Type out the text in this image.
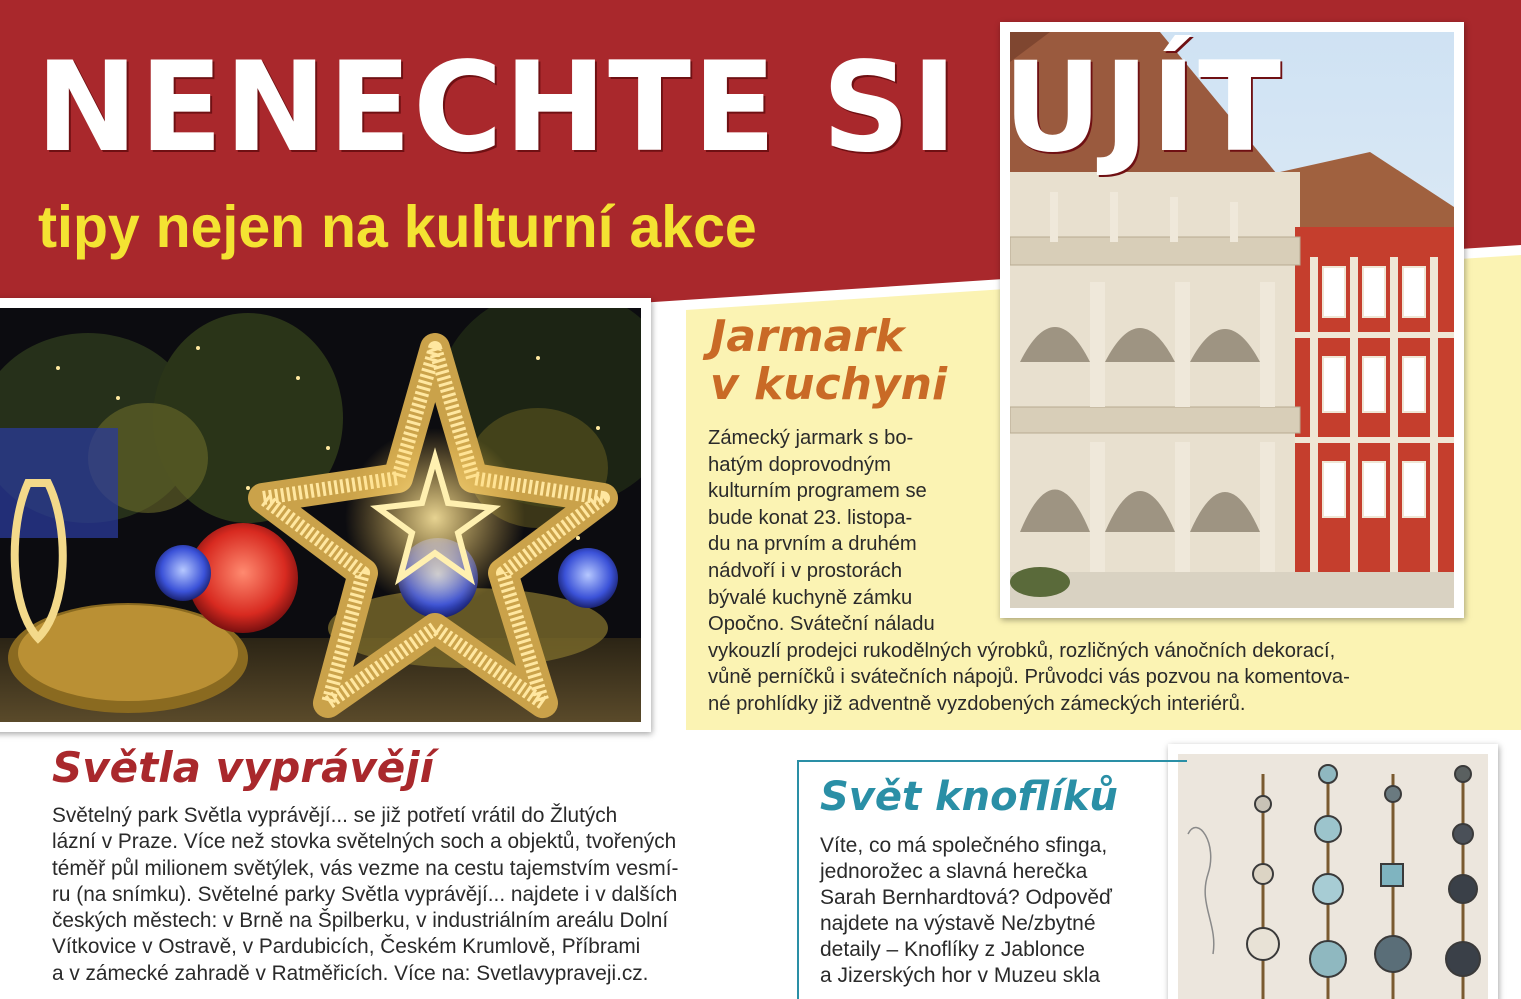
NENECHTE SI UJÍT
tipy nejen na kulturní akce
Jarmark
v kuchyni
Zámecký jarmark s bo-
hatým doprovodným
kulturním programem se
bude konat 23. listopa-
du na prvním a druhém
nádvoří i v prostorách
bývalé kuchyně zámku
Opočno. Sváteční náladu
vykouzlí prodejci rukodělných výrobků, rozličných vánočních dekorací,
vůně perníčků i svátečních nápojů. Průvodci vás pozvou na komentova-
né prohlídky již adventně vyzdobených zámeckých interiérů.
Světla vyprávějí
Světelný park Světla vyprávějí... se již potřetí vrátil do Žlutých
lázní v Praze. Více než stovka světelných soch a objektů, tvořených
téměř půl milionem světýlek, vás vezme na cestu tajemstvím vesmí-
ru (na snímku). Světelné parky Světla vyprávějí... najdete i v dalších
českých městech: v Brně na Špilberku, v industriálním areálu Dolní
Vítkovice v Ostravě, v Pardubicích, Českém Krumlově, Příbrami
a v zámecké zahradě v Ratměřicích. Více na: Svetlavypraveji.cz.
Svět knoflíků
Víte, co má společného sfinga,
jednorožec a slavná herečka
Sarah Bernhardtová? Odpověď
najdete na výstavě Ne/zbytné
detaily – Knoflíky z Jablonce
a Jizerských hor v Muzeu skla
